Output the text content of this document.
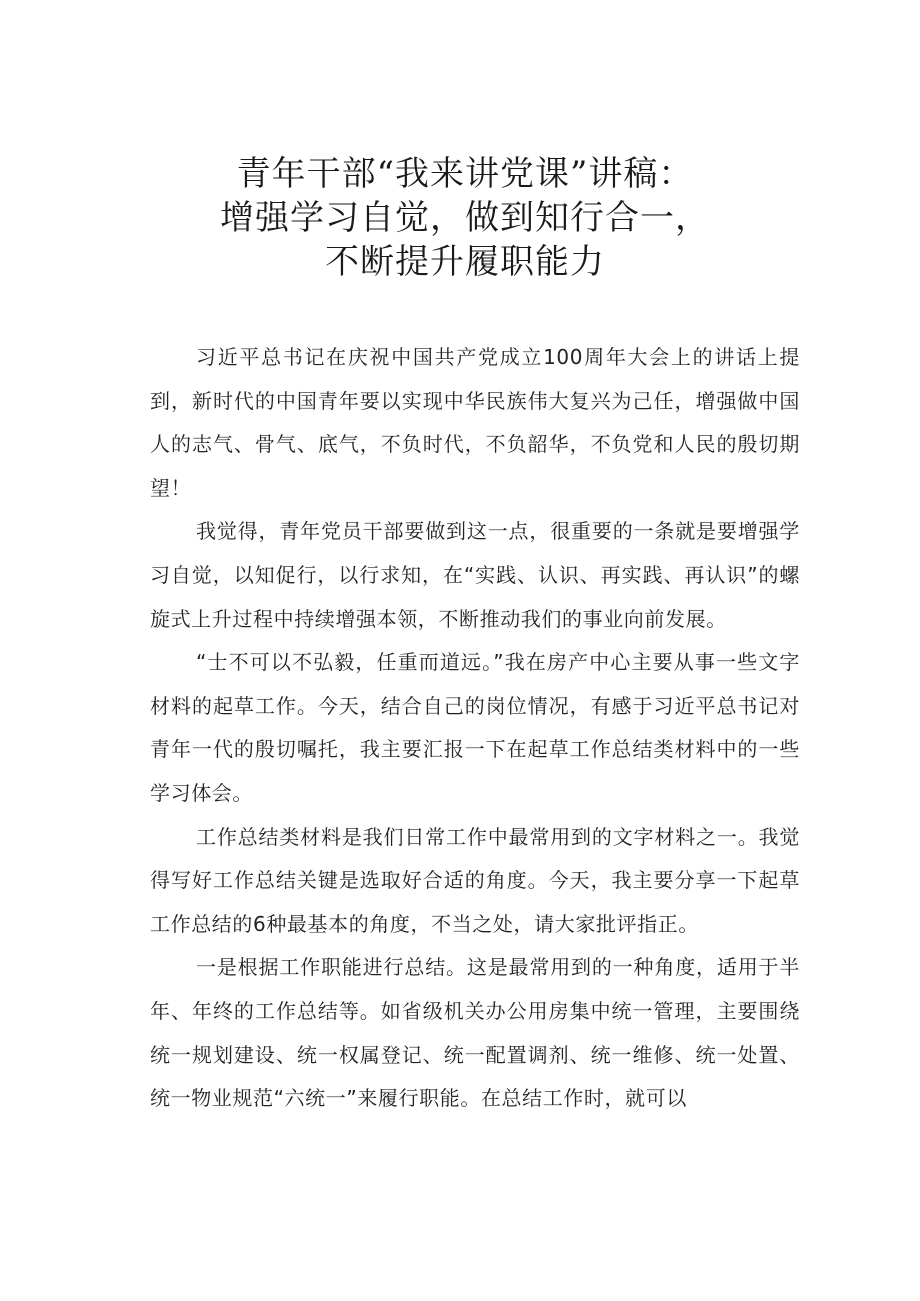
青年干部“我来讲党课”讲稿：
增强学习自觉，做到知行合一，
不断提升履职能力

习近平总书记在庆祝中国共产党成立100周年大会上的讲话上提到，新时代的中国青年要以实现中华民族伟大复兴为己任，增强做中国人的志气、骨气、底气，不负时代，不负韶华，不负党和人民的殷切期望！

我觉得，青年党员干部要做到这一点，很重要的一条就是要增强学习自觉，以知促行，以行求知，在“实践、认识、再实践、再认识”的螺旋式上升过程中持续增强本领，不断推动我们的事业向前发展。

“士不可以不弘毅，任重而道远。”我在房产中心主要从事一些文字材料的起草工作。今天，结合自己的岗位情况，有感于习近平总书记对青年一代的殷切嘱托，我主要汇报一下在起草工作总结类材料中的一些学习体会。

工作总结类材料是我们日常工作中最常用到的文字材料之一。我觉得写好工作总结关键是选取好合适的角度。今天，我主要分享一下起草工作总结的6种最基本的角度，不当之处，请大家批评指正。

一是根据工作职能进行总结。这是最常用到的一种角度，适用于半年、年终的工作总结等。如省级机关办公用房集中统一管理，主要围绕统一规划建设、统一权属登记、统一配置调剂、统一维修、统一处置、统一物业规范“六统一”来履行职能。在总结工作时，就可以
